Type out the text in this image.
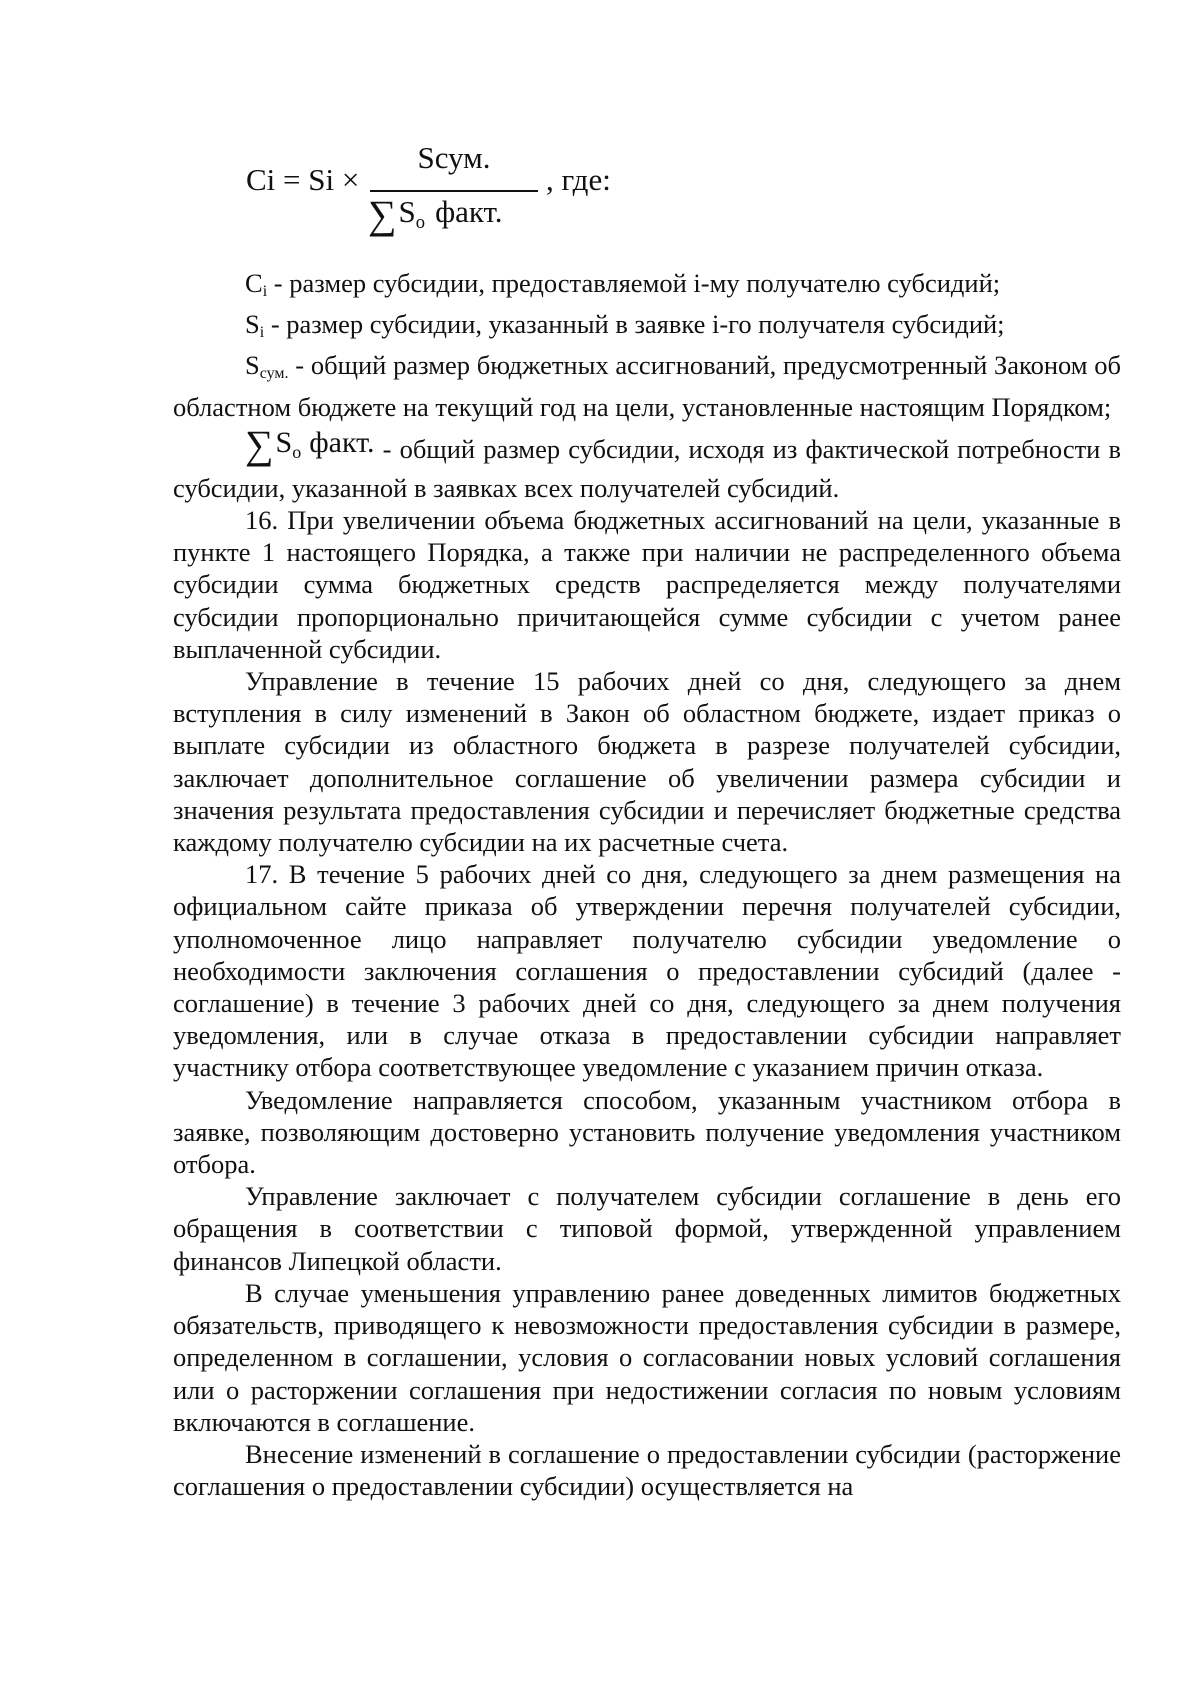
Ci = Si ×
Sсум.
$\sum S_o$ факт.
, где:

Ci - размер субсидии, предоставляемой i-му получателю субсидий;

Si - размер субсидии, указанный в заявке i-го получателя субсидий;

Sсум. - общий размер бюджетных ассигнований, предусмотренный Законом об областном бюджете на текущий год на цели, установленные настоящим Порядком;

$\sum S_o$ факт. - общий размер субсидии, исходя из фактической потребности в субсидии, указанной в заявках всех получателей субсидий.

16. При увеличении объема бюджетных ассигнований на цели, указанные в пункте 1 настоящего Порядка, а также при наличии не распределенного объема субсидии сумма бюджетных средств распределяется между получателями субсидии пропорционально причитающейся сумме субсидии с учетом ранее выплаченной субсидии.

Управление в течение 15 рабочих дней со дня, следующего за днем вступления в силу изменений в Закон об областном бюджете, издает приказ о выплате субсидии из областного бюджета в разрезе получателей субсидии, заключает дополнительное соглашение об увеличении размера субсидии и значения результата предоставления субсидии и перечисляет бюджетные средства каждому получателю субсидии на их расчетные счета.

17. В течение 5 рабочих дней со дня, следующего за днем размещения на официальном сайте приказа об утверждении перечня получателей субсидии, уполномоченное лицо направляет получателю субсидии уведомление о необходимости заключения соглашения о предоставлении субсидий (далее - соглашение) в течение 3 рабочих дней со дня, следующего за днем получения уведомления, или в случае отказа в предоставлении субсидии направляет участнику отбора соответствующее уведомление с указанием причин отказа.

Уведомление направляется способом, указанным участником отбора в заявке, позволяющим достоверно установить получение уведомления участником отбора.

Управление заключает с получателем субсидии соглашение в день его обращения в соответствии с типовой формой, утвержденной управлением финансов Липецкой области.

В случае уменьшения управлению ранее доведенных лимитов бюджетных обязательств, приводящего к невозможности предоставления субсидии в размере, определенном в соглашении, условия о согласовании новых условий соглашения или о расторжении соглашения при недостижении согласия по новым условиям включаются в соглашение.

Внесение изменений в соглашение о предоставлении субсидии (расторжение соглашения о предоставлении субсидии) осуществляется на
